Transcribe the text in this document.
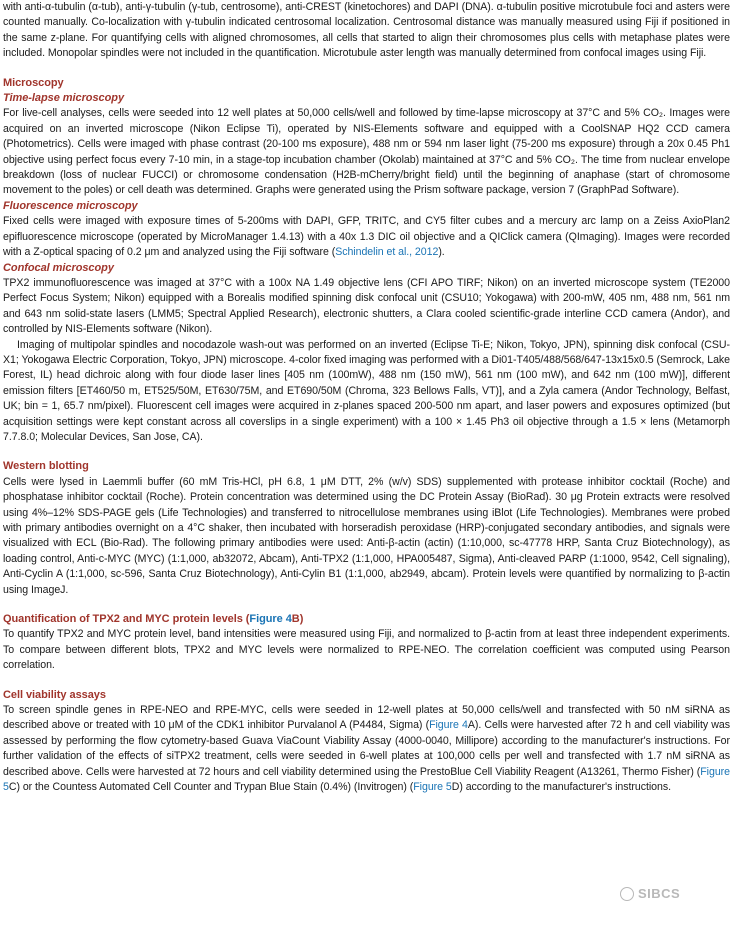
with anti-α-tubulin (α-tub), anti-γ-tubulin (γ-tub, centrosome), anti-CREST (kinetochores) and DAPI (DNA). α-tubulin positive microtubule foci and asters were counted manually. Co-localization with γ-tubulin indicated centrosomal localization. Centrosomal distance was manually measured using Fiji if positioned in the same z-plane. For quantifying cells with aligned chromosomes, all cells that started to align their chromosomes plus cells with metaphase plates were included. Monopolar spindles were not included in the quantification. Microtubule aster length was manually determined from confocal images using Fiji.

Microscopy
Time-lapse microscopy

For live-cell analyses, cells were seeded into 12 well plates at 50,000 cells/well and followed by time-lapse microscopy at 37°C and 5% CO₂. Images were acquired on an inverted microscope (Nikon Eclipse Ti), operated by NIS-Elements software and equipped with a CoolSNAP HQ2 CCD camera (Photometrics). Cells were imaged with phase contrast (20-100 ms exposure), 488 nm or 594 nm laser light (75-200 ms exposure) through a 20x 0.45 Ph1 objective using perfect focus every 7-10 min, in a stage-top incubation chamber (Okolab) maintained at 37°C and 5% CO₂. The time from nuclear envelope breakdown (loss of nuclear FUCCI) or chromosome condensation (H2B-mCherry/bright field) until the beginning of anaphase (start of chromosome movement to the poles) or cell death was determined. Graphs were generated using the Prism software package, version 7 (GraphPad Software).

Fluorescence microscopy

Fixed cells were imaged with exposure times of 5-200ms with DAPI, GFP, TRITC, and CY5 filter cubes and a mercury arc lamp on a Zeiss AxioPlan2 epifluorescence microscope (operated by MicroManager 1.4.13) with a 40x 1.3 DIC oil objective and a QIClick camera (QImaging). Images were recorded with a Z-optical spacing of 0.2 μm and analyzed using the Fiji software (Schindelin et al., 2012).

Confocal microscopy

TPX2 immunofluorescence was imaged at 37°C with a 100x NA 1.49 objective lens (CFI APO TIRF; Nikon) on an inverted microscope system (TE2000 Perfect Focus System; Nikon) equipped with a Borealis modified spinning disk confocal unit (CSU10; Yokogawa) with 200-mW, 405 nm, 488 nm, 561 nm and 643 nm solid-state lasers (LMM5; Spectral Applied Research), electronic shutters, a Clara cooled scientific-grade interline CCD camera (Andor), and controlled by NIS-Elements software (Nikon).

Imaging of multipolar spindles and nocodazole wash-out was performed on an inverted (Eclipse Ti-E; Nikon, Tokyo, JPN), spinning disk confocal (CSU- X1; Yokogawa Electric Corporation, Tokyo, JPN) microscope. 4-color fixed imaging was performed with a Di01-T405/488/568/647-13x15x0.5 (Semrock, Lake Forest, IL) head dichroic along with four diode laser lines [405 nm (100mW), 488 nm (150 mW), 561 nm (100 mW), and 642 nm (100 mW)], different emission filters [ET460/50 m, ET525/50M, ET630/75M, and ET690/50M (Chroma, 323 Bellows Falls, VT)], and a Zyla camera (Andor Technology, Belfast, UK; bin = 1, 65.7 nm/pixel). Fluorescent cell images were acquired in z-planes spaced 200-500 nm apart, and laser powers and exposures optimized (but acquisition settings were kept constant across all coverslips in a single experiment) with a 100 × 1.45 Ph3 oil objective through a 1.5 × lens (Metamorph 7.7.8.0; Molecular Devices, San Jose, CA).

Western blotting

Cells were lysed in Laemmli buffer (60 mM Tris-HCl, pH 6.8, 1 μM DTT, 2% (w/v) SDS) supplemented with protease inhibitor cocktail (Roche) and phosphatase inhibitor cocktail (Roche). Protein concentration was determined using the DC Protein Assay (BioRad). 30 μg Protein extracts were resolved using 4%–12% SDS-PAGE gels (Life Technologies) and transferred to nitrocellulose membranes using iBlot (Life Technologies). Membranes were probed with primary antibodies overnight on a 4°C shaker, then incubated with horseradish peroxidase (HRP)-conjugated secondary antibodies, and signals were visualized with ECL (Bio-Rad). The following primary antibodies were used: Anti-β-actin (actin) (1:10,000, sc-47778 HRP, Santa Cruz Biotechnology), as loading control, Anti-c-MYC (MYC) (1:1,000, ab32072, Abcam), Anti-TPX2 (1:1,000, HPA005487, Sigma), Anti-cleaved PARP (1:1000, 9542, Cell signaling), Anti-Cyclin A (1:1,000, sc-596, Santa Cruz Biotechnology), Anti-Cylin B1 (1:1,000, ab2949, abcam). Protein levels were quantified by normalizing to β-actin using ImageJ.

Quantification of TPX2 and MYC protein levels (Figure 4B)

To quantify TPX2 and MYC protein level, band intensities were measured using Fiji, and normalized to β-actin from at least three independent experiments. To compare between different blots, TPX2 and MYC levels were normalized to RPE-NEO. The correlation coefficient was computed using Pearson correlation.

Cell viability assays

To screen spindle genes in RPE-NEO and RPE-MYC, cells were seeded in 12-well plates at 50,000 cells/well and transfected with 50 nM siRNA as described above or treated with 10 μM of the CDK1 inhibitor Purvalanol A (P4484, Sigma) (Figure 4A). Cells were harvested after 72 h and cell viability was assessed by performing the flow cytometry-based Guava ViaCount Viability Assay (4000-0040, Millipore) according to the manufacturer's instructions. For further validation of the effects of siTPX2 treatment, cells were seeded in 6-well plates at 100,000 cells per well and transfected with 1.7 nM siRNA as described above. Cells were harvested at 72 hours and cell viability determined using the PrestoBlue Cell Viability Reagent (A13261, Thermo Fisher) (Figure 5C) or the Countess Automated Cell Counter and Trypan Blue Stain (0.4%) (Invitrogen) (Figure 5D) according to the manufacturer's instructions.

SIBCS
